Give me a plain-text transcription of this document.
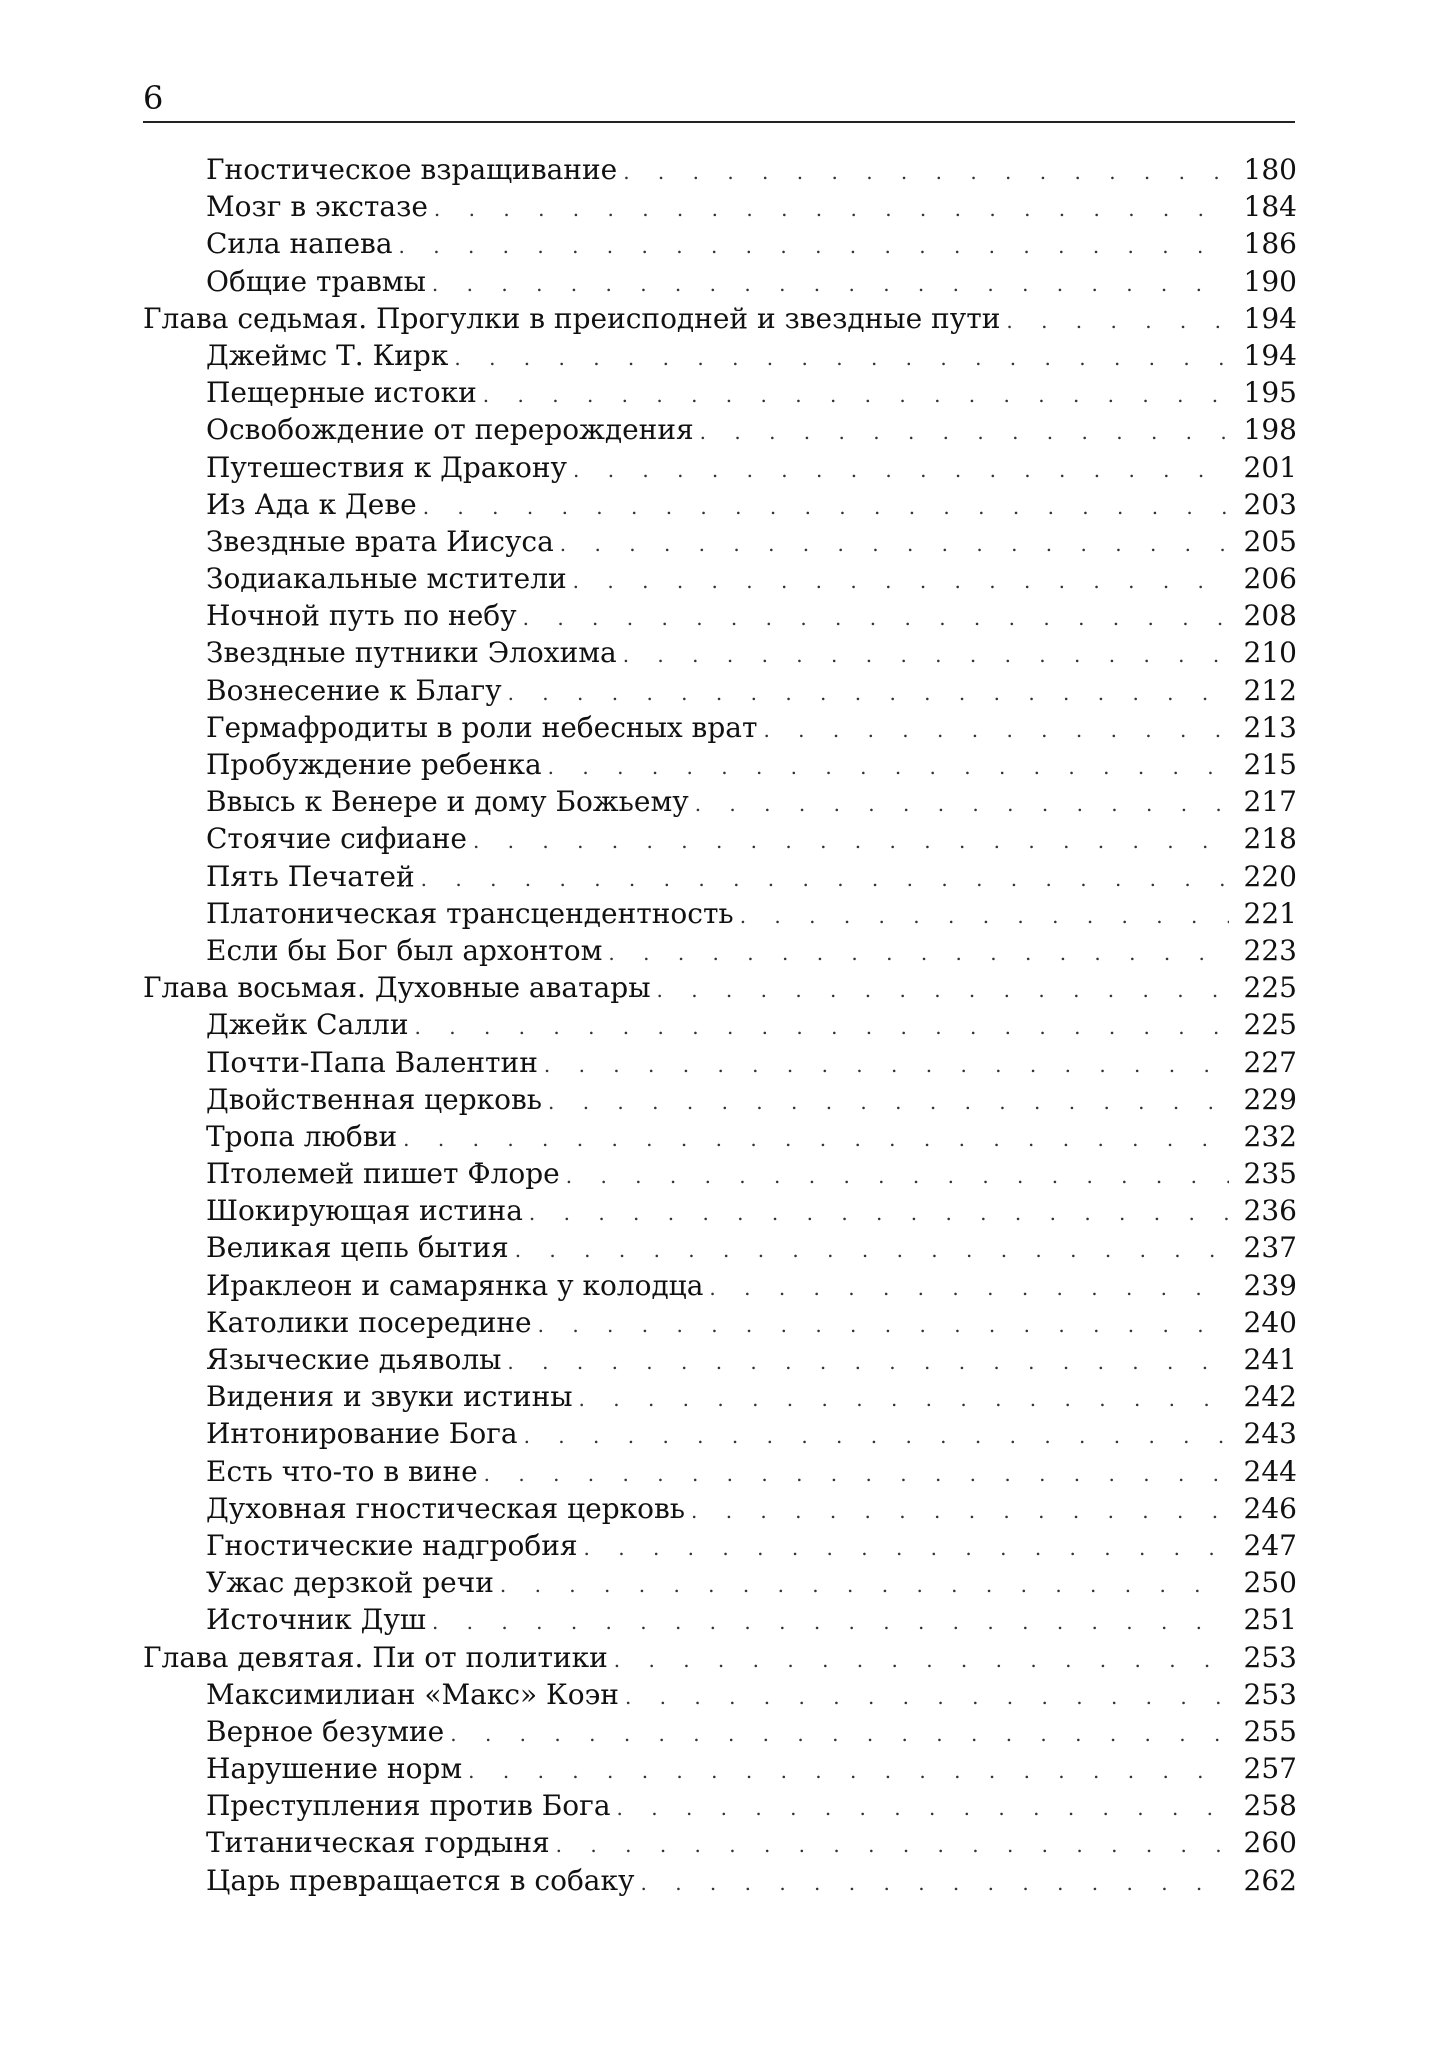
6
Гностическое взращивание . . .	180
Мозг в экстазе . . .	184
Сила напева . . .	186
Общие травмы . . .	190
Глава седьмая. Прогулки в преисподней и звездные пути . . .	194
Джеймс Т. Кирк . . .	194
Пещерные истоки . . .	195
Освобождение от перерождения . . .	198
Путешествия к Дракону . . .	201
Из Ада к Деве . . .	203
Звездные врата Иисуса . . .	205
Зодиакальные мстители . . .	206
Ночной путь по небу . . .	208
Звездные путники Элохима . . .	210
Вознесение к Благу . . .	212
Гермафродиты в роли небесных врат . . .	213
Пробуждение ребенка . . .	215
Ввысь к Венере и дому Божьему . . .	217
Стоячие сифиане . . .	218
Пять Печатей . . .	220
Платоническая трансцендентность . . .	221
Если бы Бог был архонтом . . .	223
Глава восьмая. Духовные аватары . . .	225
Джейк Салли . . .	225
Почти-Папа Валентин . . .	227
Двойственная церковь . . .	229
Тропа любви . . .	232
Птолемей пишет Флоре . . .	235
Шокирующая истина . . .	236
Великая цепь бытия . . .	237
Ираклеон и самарянка у колодца . . .	239
Католики посередине . . .	240
Языческие дьяволы . . .	241
Видения и звуки истины . . .	242
Интонирование Бога . . .	243
Есть что-то в вине . . .	244
Духовная гностическая церковь . . .	246
Гностические надгробия . . .	247
Ужас дерзкой речи . . .	250
Источник Душ . . .	251
Глава девятая. Пи от политики . . .	253
Максимилиан «Макс» Коэн . . .	253
Верное безумие . . .	255
Нарушение норм . . .	257
Преступления против Бога . . .	258
Титаническая гордыня . . .	260
Царь превращается в собаку . . .	262
